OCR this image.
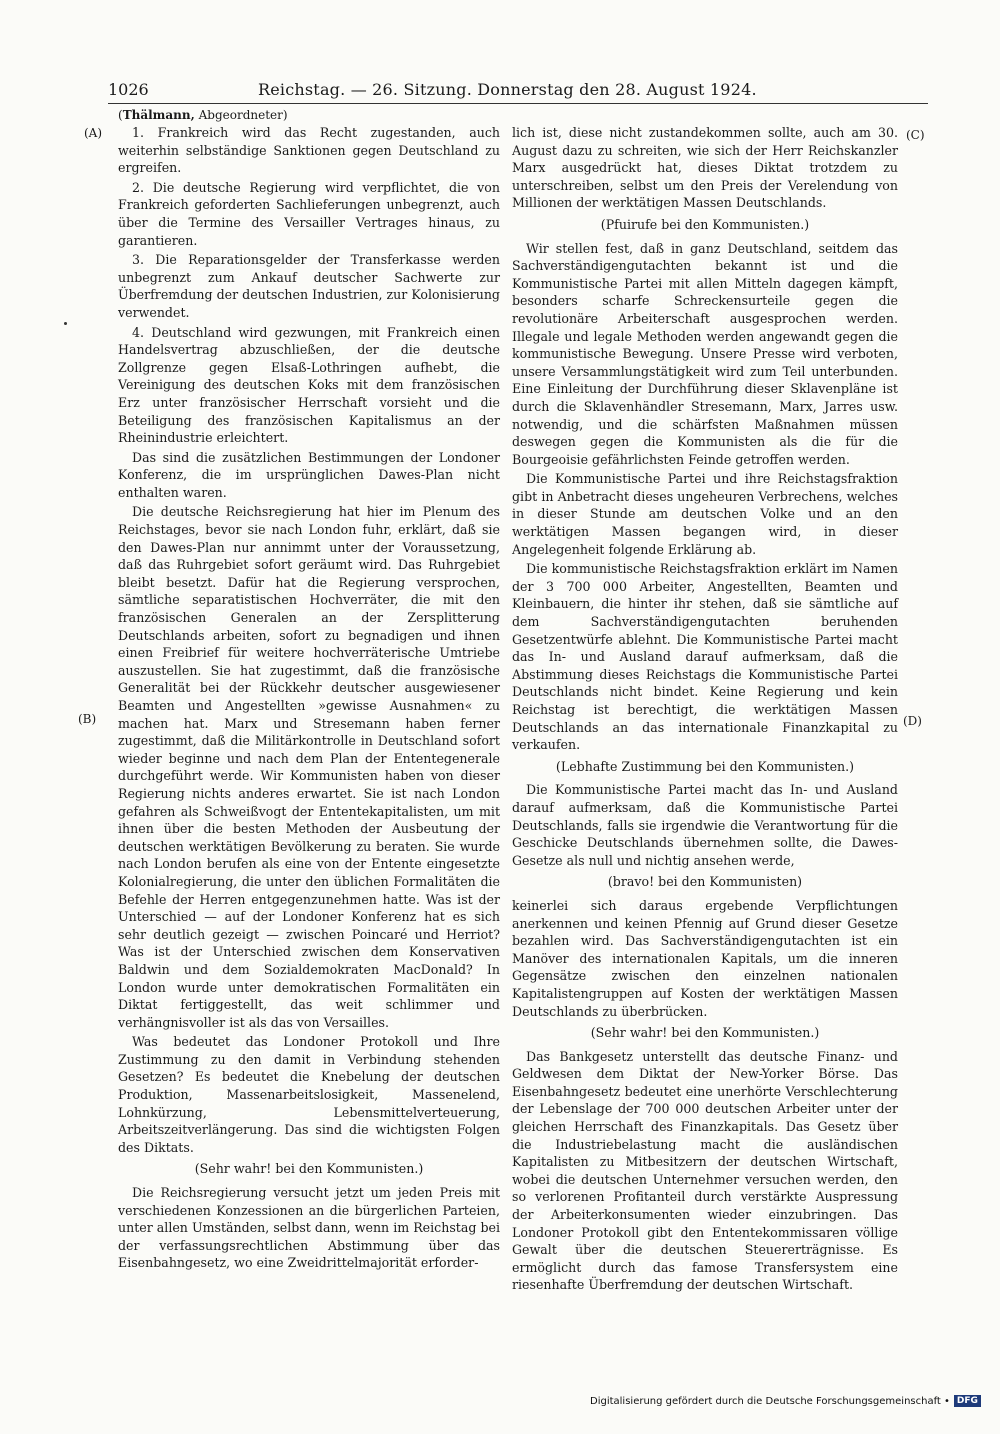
1026	Reichstag. — 26. Sitzung. Donnerstag den 28. August 1924.
(Thälmann, Abgeordneter)
(A)
(B)
(C)
(D)

1. Frankreich wird das Recht zugestanden, auch weiterhin selbständige Sanktionen gegen Deutschland zu ergreifen.

2. Die deutsche Regierung wird verpflichtet, die von Frankreich geforderten Sachlieferungen unbegrenzt, auch über die Termine des Versailler Vertrages hinaus, zu garantieren.

3. Die Reparationsgelder der Transferkasse werden unbegrenzt zum Ankauf deutscher Sachwerte zur Überfremdung der deutschen Industrien, zur Kolonisierung verwendet.

4. Deutschland wird gezwungen, mit Frankreich einen Handelsvertrag abzuschließen, der die deutsche Zollgrenze gegen Elsaß-Lothringen aufhebt, die Vereinigung des deutschen Koks mit dem französischen Erz unter französischer Herrschaft vorsieht und die Beteiligung des französischen Kapitalismus an der Rheinindustrie erleichtert.

Das sind die zusätzlichen Bestimmungen der Londoner Konferenz, die im ursprünglichen Dawes-Plan nicht enthalten waren.

Die deutsche Reichsregierung hat hier im Plenum des Reichstages, bevor sie nach London fuhr, erklärt, daß sie den Dawes-Plan nur annimmt unter der Voraussetzung, daß das Ruhrgebiet sofort geräumt wird. Das Ruhrgebiet bleibt besetzt. Dafür hat die Regierung versprochen, sämtliche separatistischen Hochverräter, die mit den französischen Generalen an der Zersplitterung Deutschlands arbeiten, sofort zu begnadigen und ihnen einen Freibrief für weitere hochverräterische Umtriebe auszustellen. Sie hat zugestimmt, daß die französische Generalität bei der Rückkehr deutscher ausgewiesener Beamten und Angestellten »gewisse Ausnahmen« zu machen hat. Marx und Stresemann haben ferner zugestimmt, daß die Militärkontrolle in Deutschland sofort wieder beginne und nach dem Plan der Ententegenerale durchgeführt werde. Wir Kommunisten haben von dieser Regierung nichts anderes erwartet. Sie ist nach London gefahren als Schweißvogt der Ententekapitalisten, um mit ihnen über die besten Methoden der Ausbeutung der deutschen werktätigen Bevölkerung zu beraten. Sie wurde nach London berufen als eine von der Entente eingesetzte Kolonialregierung, die unter den üblichen Formalitäten die Befehle der Herren entgegenzunehmen hatte. Was ist der Unterschied — auf der Londoner Konferenz hat es sich sehr deutlich gezeigt — zwischen Poincaré und Herriot? Was ist der Unterschied zwischen dem Konservativen Baldwin und dem Sozialdemokraten MacDonald? In London wurde unter demokratischen Formalitäten ein Diktat fertiggestellt, das weit schlimmer und verhängnisvoller ist als das von Versailles.

Was bedeutet das Londoner Protokoll und Ihre Zustimmung zu den damit in Verbindung stehenden Gesetzen? Es bedeutet die Knebelung der deutschen Produktion, Massenarbeitslosigkeit, Massenelend, Lohnkürzung, Lebensmittelverteuerung, Arbeitszeitverlängerung. Das sind die wichtigsten Folgen des Diktats.

(Sehr wahr! bei den Kommunisten.)

Die Reichsregierung versucht jetzt um jeden Preis mit verschiedenen Konzessionen an die bürgerlichen Parteien, unter allen Umständen, selbst dann, wenn im Reichstag bei der verfassungsrechtlichen Abstimmung über das Eisenbahngesetz, wo eine Zweidrittelmajorität erforder-

lich ist, diese nicht zustandekommen sollte, auch am 30. August dazu zu schreiten, wie sich der Herr Reichskanzler Marx ausgedrückt hat, dieses Diktat trotzdem zu unterschreiben, selbst um den Preis der Verelendung von Millionen der werktätigen Massen Deutschlands.

(Pfuirufe bei den Kommunisten.)

Wir stellen fest, daß in ganz Deutschland, seitdem das Sachverständigengutachten bekannt ist und die Kommunistische Partei mit allen Mitteln dagegen kämpft, besonders scharfe Schreckensurteile gegen die revolutionäre Arbeiterschaft ausgesprochen werden. Illegale und legale Methoden werden angewandt gegen die kommunistische Bewegung. Unsere Presse wird verboten, unsere Versammlungstätigkeit wird zum Teil unterbunden. Eine Einleitung der Durchführung dieser Sklavenpläne ist durch die Sklavenhändler Stresemann, Marx, Jarres usw. notwendig, und die schärfsten Maßnahmen müssen deswegen gegen die Kommunisten als die für die Bourgeoisie gefährlichsten Feinde getroffen werden.

Die Kommunistische Partei und ihre Reichstagsfraktion gibt in Anbetracht dieses ungeheuren Verbrechens, welches in dieser Stunde am deutschen Volke und an den werktätigen Massen begangen wird, in dieser Angelegenheit folgende Erklärung ab.

Die kommunistische Reichstagsfraktion erklärt im Namen der 3 700 000 Arbeiter, Angestellten, Beamten und Kleinbauern, die hinter ihr stehen, daß sie sämtliche auf dem Sachverständigengutachten beruhenden Gesetzentwürfe ablehnt. Die Kommunistische Partei macht das In- und Ausland darauf aufmerksam, daß die Abstimmung dieses Reichstags die Kommunistische Partei Deutschlands nicht bindet. Keine Regierung und kein Reichstag ist berechtigt, die werktätigen Massen Deutschlands an das internationale Finanzkapital zu verkaufen.

(Lebhafte Zustimmung bei den Kommunisten.)

Die Kommunistische Partei macht das In- und Ausland darauf aufmerksam, daß die Kommunistische Partei Deutschlands, falls sie irgendwie die Verantwortung für die Geschicke Deutschlands übernehmen sollte, die Dawes-Gesetze als null und nichtig ansehen werde,

(bravo! bei den Kommunisten)

keinerlei sich daraus ergebende Verpflichtungen anerkennen und keinen Pfennig auf Grund dieser Gesetze bezahlen wird. Das Sachverständigengutachten ist ein Manöver des internationalen Kapitals, um die inneren Gegensätze zwischen den einzelnen nationalen Kapitalistengruppen auf Kosten der werktätigen Massen Deutschlands zu überbrücken.

(Sehr wahr! bei den Kommunisten.)

Das Bankgesetz unterstellt das deutsche Finanz- und Geldwesen dem Diktat der New-Yorker Börse. Das Eisenbahngesetz bedeutet eine unerhörte Verschlechterung der Lebenslage der 700 000 deutschen Arbeiter unter der gleichen Herrschaft des Finanzkapitals. Das Gesetz über die Industriebelastung macht die ausländischen Kapitalisten zu Mitbesitzern der deutschen Wirtschaft, wobei die deutschen Unternehmer versuchen werden, den so verlorenen Profitanteil durch verstärkte Auspressung der Arbeiterkonsumenten wieder einzubringen. Das Londoner Protokoll gibt den Ententekommissaren völlige Gewalt über die deutschen Steuererträgnisse. Es ermöglicht durch das famose Transfersystem eine riesenhafte Überfremdung der deutschen Wirtschaft.

Digitalisierung gefördert durch die Deutsche Forschungsgemeinschaft • DFG
